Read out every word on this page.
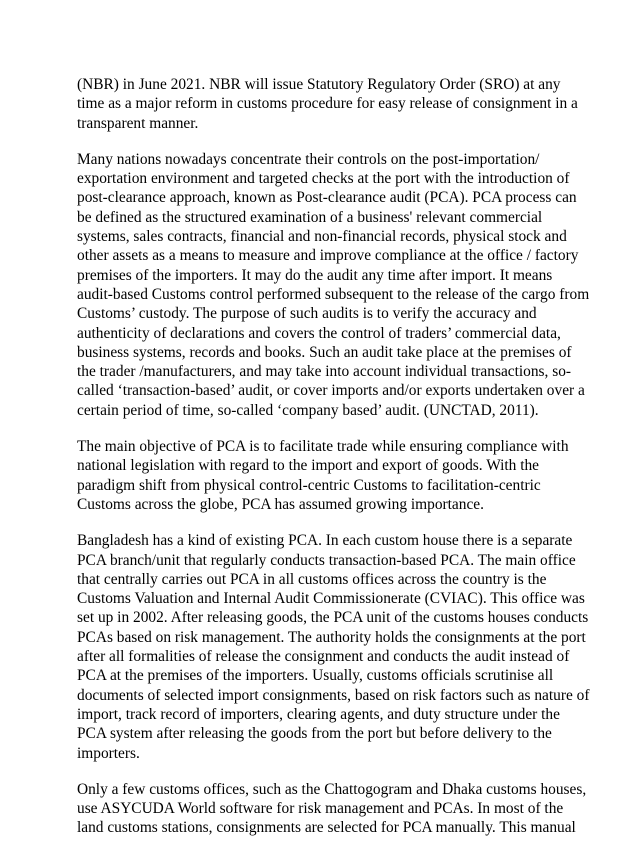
(NBR) in June 2021. NBR will issue Statutory Regulatory Order (SRO) at any
time as a major reform in customs procedure for easy release of consignment in a
transparent manner.

Many nations nowadays concentrate their controls on the post-importation/
exportation environment and targeted checks at the port with the introduction of
post-clearance approach, known as Post-clearance audit (PCA). PCA process can
be defined as the structured examination of a business' relevant commercial
systems, sales contracts, financial and non-financial records, physical stock and
other assets as a means to measure and improve compliance at the office / factory
premises of the importers. It may do the audit any time after import. It means
audit-based Customs control performed subsequent to the release of the cargo from
Customs’ custody. The purpose of such audits is to verify the accuracy and
authenticity of declarations and covers the control of traders’ commercial data,
business systems, records and books. Such an audit take place at the premises of
the trader /manufacturers, and may take into account individual transactions, so-
called ‘transaction-based’ audit, or cover imports and/or exports undertaken over a
certain period of time, so-called ‘company based’ audit. (UNCTAD, 2011).

The main objective of PCA is to facilitate trade while ensuring compliance with
national legislation with regard to the import and export of goods. With the
paradigm shift from physical control-centric Customs to facilitation-centric
Customs across the globe, PCA has assumed growing importance.

Bangladesh has a kind of existing PCA. In each custom house there is a separate
PCA branch/unit that regularly conducts transaction-based PCA. The main office
that centrally carries out PCA in all customs offices across the country is the
Customs Valuation and Internal Audit Commissionerate (CVIAC). This office was
set up in 2002. After releasing goods, the PCA unit of the customs houses conducts
PCAs based on risk management. The authority holds the consignments at the port
after all formalities of release the consignment and conducts the audit instead of
PCA at the premises of the importers. Usually, customs officials scrutinise all
documents of selected import consignments, based on risk factors such as nature of
import, track record of importers, clearing agents, and duty structure under the
PCA system after releasing the goods from the port but before delivery to the
importers.

Only a few customs offices, such as the Chattogogram and Dhaka customs houses,
use ASYCUDA World software for risk management and PCAs. In most of the
land customs stations, consignments are selected for PCA manually. This manual
